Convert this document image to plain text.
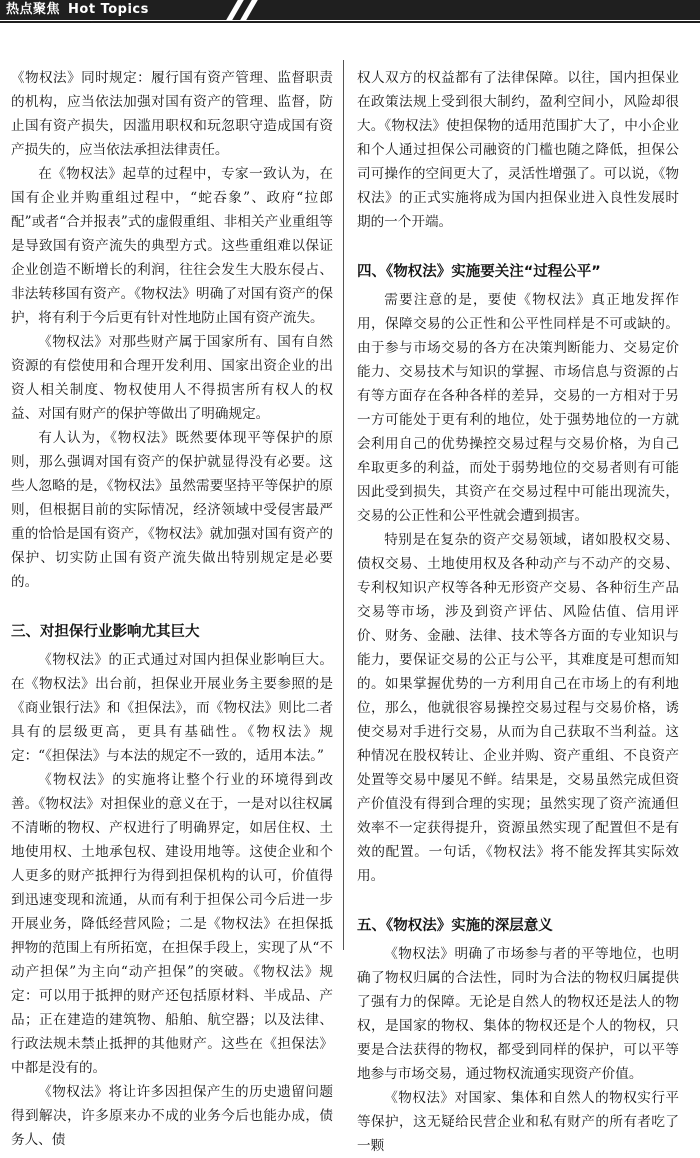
热点聚焦 Hot Topics

《物权法》同时规定：履行国有资产管理、监督职责的机构，应当依法加强对国有资产的管理、监督，防止国有资产损失，因滥用职权和玩忽职守造成国有资产损失的，应当依法承担法律责任。

在《物权法》起草的过程中，专家一致认为，在国有企业并购重组过程中，“蛇吞象”、政府“拉郎配”或者“合并报表”式的虚假重组、非相关产业重组等是导致国有资产流失的典型方式。这些重组难以保证企业创造不断增长的利润，往往会发生大股东侵占、非法转移国有资产。《物权法》明确了对国有资产的保护，将有利于今后更有针对性地防止国有资产流失。

《物权法》对那些财产属于国家所有、国有自然资源的有偿使用和合理开发利用、国家出资企业的出资人相关制度、物权使用人不得损害所有权人的权益、对国有财产的保护等做出了明确规定。

有人认为，《物权法》既然要体现平等保护的原则，那么强调对国有资产的保护就显得没有必要。这些人忽略的是，《物权法》虽然需要坚持平等保护的原则，但根据目前的实际情况，经济领域中受侵害最严重的恰恰是国有资产，《物权法》就加强对国有资产的保护、切实防止国有资产流失做出特别规定是必要的。

三、对担保行业影响尤其巨大

《物权法》的正式通过对国内担保业影响巨大。在《物权法》出台前，担保业开展业务主要参照的是《商业银行法》和《担保法》，而《物权法》则比二者具有的层级更高，更具有基础性。《物权法》规定：“《担保法》与本法的规定不一致的，适用本法。”

《物权法》的实施将让整个行业的环境得到改善。《物权法》对担保业的意义在于，一是对以往权属不清晰的物权、产权进行了明确界定，如居住权、土地使用权、土地承包权、建设用地等。这使企业和个人更多的财产抵押行为得到担保机构的认可，价值得到迅速变现和流通，从而有利于担保公司今后进一步开展业务，降低经营风险；二是《物权法》在担保抵押物的范围上有所拓宽，在担保手段上，实现了从“不动产担保”为主向“动产担保”的突破。《物权法》规定：可以用于抵押的财产还包括原材料、半成品、产品；正在建造的建筑物、船舶、航空器；以及法律、行政法规未禁止抵押的其他财产。这些在《担保法》中都是没有的。

《物权法》将让许多因担保产生的历史遗留问题得到解决，许多原来办不成的业务今后也能办成，债务人、债

权人双方的权益都有了法律保障。以往，国内担保业在政策法规上受到很大制约，盈利空间小，风险却很大。《物权法》使担保物的适用范围扩大了，中小企业和个人通过担保公司融资的门槛也随之降低，担保公司可操作的空间更大了，灵活性增强了。可以说，《物权法》的正式实施将成为国内担保业进入良性发展时期的一个开端。

四、《物权法》实施要关注“过程公平”

需要注意的是，要使《物权法》真正地发挥作用，保障交易的公正性和公平性同样是不可或缺的。由于参与市场交易的各方在决策判断能力、交易定价能力、交易技术与知识的掌握、市场信息与资源的占有等方面存在各种各样的差异，交易的一方相对于另一方可能处于更有利的地位，处于强势地位的一方就会利用自己的优势操控交易过程与交易价格，为自己牟取更多的利益，而处于弱势地位的交易者则有可能因此受到损失，其资产在交易过程中可能出现流失，交易的公正性和公平性就会遭到损害。

特别是在复杂的资产交易领域，诸如股权交易、债权交易、土地使用权及各种动产与不动产的交易、专利权知识产权等各种无形资产交易、各种衍生产品交易等市场，涉及到资产评估、风险估值、信用评价、财务、金融、法律、技术等各方面的专业知识与能力，要保证交易的公正与公平，其难度是可想而知的。如果掌握优势的一方利用自己在市场上的有利地位，那么，他就很容易操控交易过程与交易价格，诱使交易对手进行交易，从而为自己获取不当利益。这种情况在股权转让、企业并购、资产重组、不良资产处置等交易中屡见不鲜。结果是，交易虽然完成但资产价值没有得到合理的实现；虽然实现了资产流通但效率不一定获得提升，资源虽然实现了配置但不是有效的配置。一句话，《物权法》将不能发挥其实际效用。

五、《物权法》实施的深层意义

《物权法》明确了市场参与者的平等地位，也明确了物权归属的合法性，同时为合法的物权归属提供了强有力的保障。无论是自然人的物权还是法人的物权，是国家的物权、集体的物权还是个人的物权，只要是合法获得的物权，都受到同样的保护，可以平等地参与市场交易，通过物权流通实现资产价值。

《物权法》对国家、集体和自然人的物权实行平等保护，这无疑给民营企业和私有财产的所有者吃了一颗
